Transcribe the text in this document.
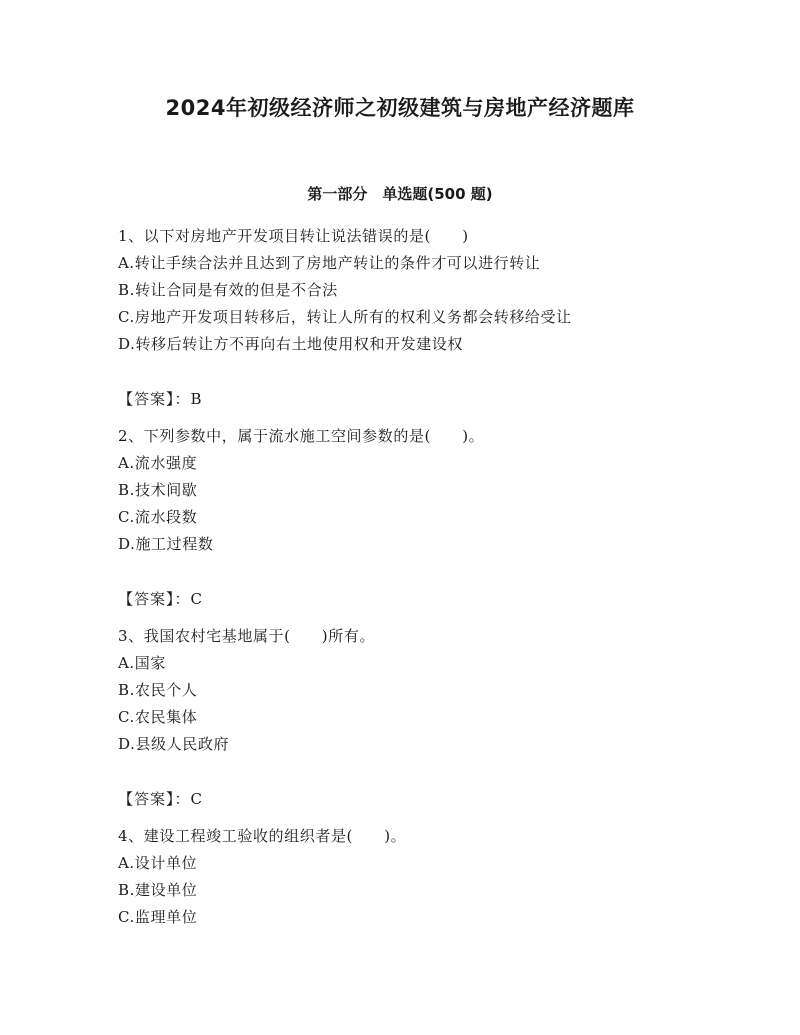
2024年初级经济师之初级建筑与房地产经济题库
第一部分　单选题(500 题)

1、以下对房地产开发项目转让说法错误的是(　　)

A.转让手续合法并且达到了房地产转让的条件才可以进行转让

B.转让合同是有效的但是不合法

C.房地产开发项目转移后，转让人所有的权利义务都会转移给受让

D.转移后转让方不再向右土地使用权和开发建设权

【答案】：B

2、下列参数中，属于流水施工空间参数的是(　　)。

A.流水强度

B.技术间歇

C.流水段数

D.施工过程数

【答案】：C

3、我国农村宅基地属于(　　)所有。

A.国家

B.农民个人

C.农民集体

D.县级人民政府

【答案】：C

4、建设工程竣工验收的组织者是(　　)。

A.设计单位

B.建设单位

C.监理单位
